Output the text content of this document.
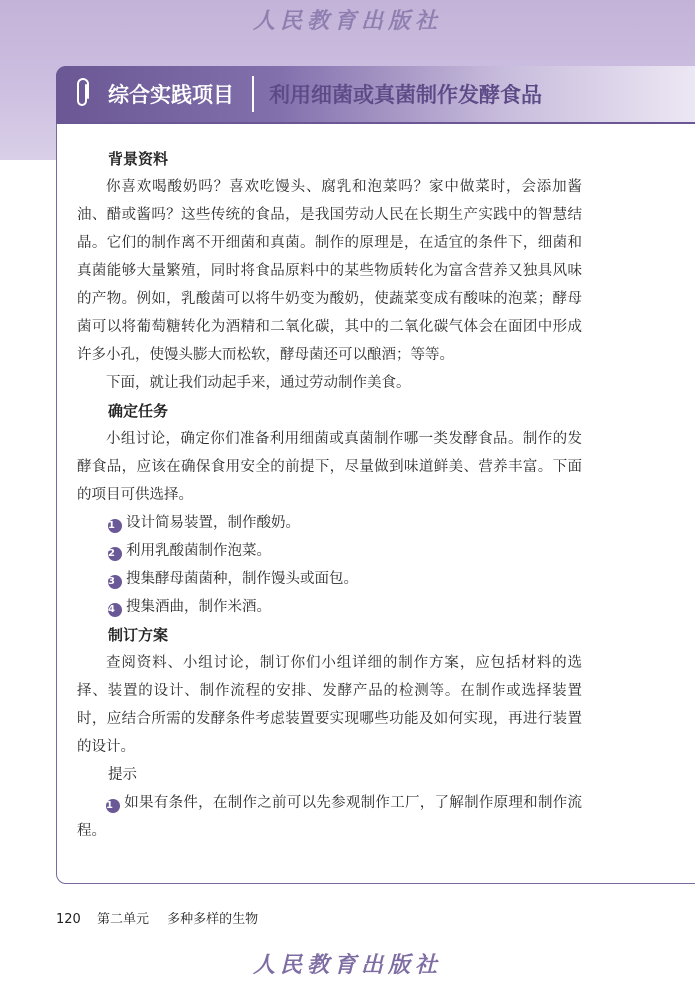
人民教育出版社
综合实践项目 利用细菌或真菌制作发酵食品

背景资料

你喜欢喝酸奶吗？喜欢吃馒头、腐乳和泡菜吗？家中做菜时，会添加酱油、醋或酱吗？这些传统的食品，是我国劳动人民在长期生产实践中的智慧结晶。它们的制作离不开细菌和真菌。制作的原理是，在适宜的条件下，细菌和真菌能够大量繁殖，同时将食品原料中的某些物质转化为富含营养又独具风味的产物。例如，乳酸菌可以将牛奶变为酸奶，使蔬菜变成有酸味的泡菜；酵母菌可以将葡萄糖转化为酒精和二氧化碳，其中的二氧化碳气体会在面团中形成许多小孔，使馒头膨大而松软，酵母菌还可以酿酒；等等。

下面，就让我们动起手来，通过劳动制作美食。

确定任务

小组讨论，确定你们准备利用细菌或真菌制作哪一类发酵食品。制作的发酵食品，应该在确保食用安全的前提下，尽量做到味道鲜美、营养丰富。下面的项目可供选择。

1 设计简易装置，制作酸奶。

2 利用乳酸菌制作泡菜。

3 搜集酵母菌菌种，制作馒头或面包。

4 搜集酒曲，制作米酒。

制订方案

查阅资料、小组讨论，制订你们小组详细的制作方案，应包括材料的选择、装置的设计、制作流程的安排、发酵产品的检测等。在制作或选择装置时，应结合所需的发酵条件考虑装置要实现哪些功能及如何实现，再进行装置的设计。

提示

1 如果有条件，在制作之前可以先参观制作工厂，了解制作原理和制作流程。

120 第二单元 多种多样的生物
人民教育出版社
